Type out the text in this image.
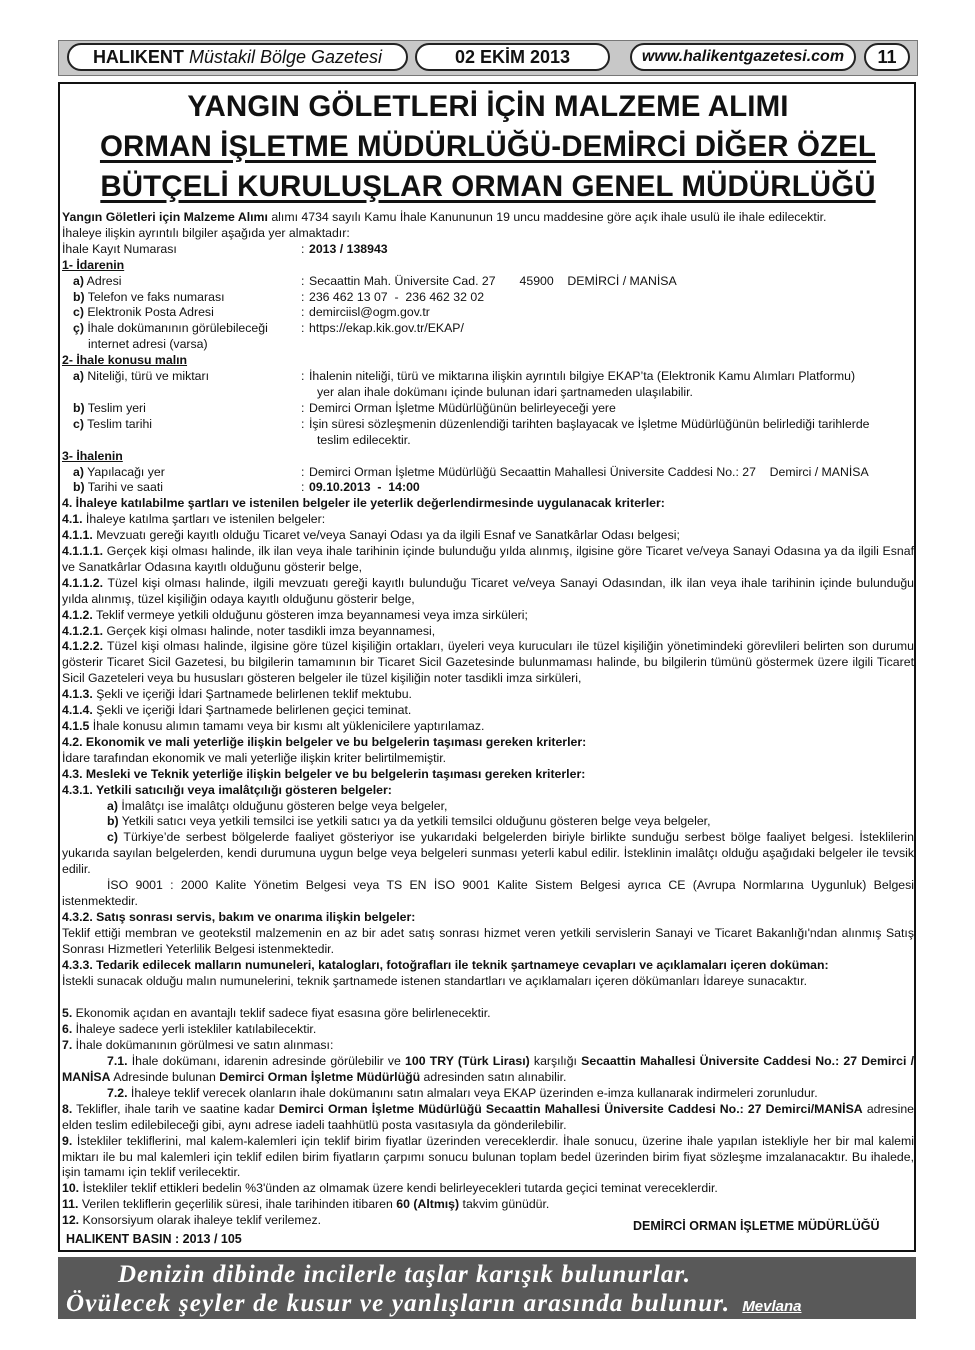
HALIKENT
Müstakil Bölge Gazetesi	02 EKİM 2013	www.halikentgazetesi.com 11
YANGIN GÖLETLERİ İÇİN MALZEME ALIMI
ORMAN İŞLETME MÜDÜRLÜĞÜ-DEMİRCİ DİĞER ÖZEL
BÜTÇELİ KURULUŞLAR ORMAN GENEL MÜDÜRLÜĞÜ

Yangın Göletleri için Malzeme Alımı alımı 4734 sayılı Kamu İhale Kanununun 19 uncu maddesine göre açık ihale usulü ile ihale edilecektir.

İhaleye ilişkin ayrıntılı bilgiler aşağıda yer almaktadır:

İhale Kayıt Numarası	: 2013 / 138943

1- İdarenin

a) Adresi	: Secaattin Mah. Üniversite Cad. 27       45900    DEMİRCİ / MANİSA
b) Telefon ve faks numarası	: 236 462 13 07  -  236 462 32 02
c) Elektronik Posta Adresi	: demirciisl@ogm.gov.tr
ç) İhale dokümanının görülebileceği
internet adresi (varsa)
: https://ekap.kik.gov.tr/EKAP/

2- İhale konusu malın

a) Niteliği, türü ve miktarı	: İhalenin niteliği, türü ve miktarına ilişkin ayrıntılı bilgiye EKAP’ta (Elektronik Kamu Alımları Platformu)
yer alan ihale dokümanı içinde bulunan idari şartnameden ulaşılabilir.
b) Teslim yeri	: Demirci Orman İşletme Müdürlüğünün belirleyeceği yere
c) Teslim tarihi	: İşin süresi sözleşmenin düzenlendiği tarihten başlayacak ve İşletme Müdürlüğünün belirlediği tarihlerde
teslim edilecektir.

3- İhalenin

a) Yapılacağı yer	: Demirci Orman İşletme Müdürlüğü Secaattin Mahallesi Üniversite Caddesi No.: 27    Demirci / MANİSA
b) Tarihi ve saati	: 09.10.2013  -  14:00

4. İhaleye katılabilme şartları ve istenilen belgeler ile yeterlik değerlendirmesinde uygulanacak kriterler:

4.1. İhaleye katılma şartları ve istenilen belgeler:

4.1.1. Mevzuatı gereği kayıtlı olduğu Ticaret ve/veya Sanayi Odası ya da ilgili Esnaf ve Sanatkârlar Odası belgesi;

4.1.1.1. Gerçek kişi olması halinde, ilk ilan veya ihale tarihinin içinde bulunduğu yılda alınmış, ilgisine göre Ticaret ve/veya Sanayi Odasına ya da ilgili Esnaf ve Sanatkârlar Odasına kayıtlı olduğunu gösterir belge,

4.1.1.2. Tüzel kişi olması halinde, ilgili mevzuatı gereği kayıtlı bulunduğu Ticaret ve/veya Sanayi Odasından, ilk ilan veya ihale tarihinin içinde bulunduğu yılda alınmış, tüzel kişiliğin odaya kayıtlı olduğunu gösterir belge,

4.1.2. Teklif vermeye yetkili olduğunu gösteren imza beyannamesi veya imza sirküleri;

4.1.2.1. Gerçek kişi olması halinde, noter tasdikli imza beyannamesi,

4.1.2.2. Tüzel kişi olması halinde, ilgisine göre tüzel kişiliğin ortakları, üyeleri veya kurucuları ile tüzel kişiliğin yönetimindeki görevlileri belirten son durumu gösterir Ticaret Sicil Gazetesi, bu bilgilerin tamamının bir Ticaret Sicil Gazetesinde bulunmaması halinde, bu bilgilerin tümünü göstermek üzere ilgili Ticaret Sicil Gazeteleri veya bu hususları gösteren belgeler ile tüzel kişiliğin noter tasdikli imza sirküleri,

4.1.3. Şekli ve içeriği İdari Şartnamede belirlenen teklif mektubu.

4.1.4. Şekli ve içeriği İdari Şartnamede belirlenen geçici teminat.

4.1.5 İhale konusu alımın tamamı veya bir kısmı alt yüklenicilere yaptırılamaz.

4.2. Ekonomik ve mali yeterliğe ilişkin belgeler ve bu belgelerin taşıması gereken kriterler:

İdare tarafından ekonomik ve mali yeterliğe ilişkin kriter belirtilmemiştir.

4.3. Mesleki ve Teknik yeterliğe ilişkin belgeler ve bu belgelerin taşıması gereken kriterler:

4.3.1. Yetkili satıcılığı veya imalâtçılığı gösteren belgeler:

a) İmalâtçı ise imalâtçı olduğunu gösteren belge veya belgeler,

b) Yetkili satıcı veya yetkili temsilci ise yetkili satıcı ya da yetkili temsilci olduğunu gösteren belge veya belgeler,

c) Türkiye’de serbest bölgelerde faaliyet gösteriyor ise yukarıdaki belgelerden biriyle birlikte sunduğu serbest bölge faaliyet belgesi. İsteklilerin yukarıda sayılan belgelerden, kendi durumuna uygun belge veya belgeleri sunması yeterli kabul edilir. İsteklinin imalâtçı olduğu aşağıdaki belgeler ile tevsik edilir.

İSO 9001 : 2000 Kalite Yönetim Belgesi veya TS EN İSO 9001 Kalite Sistem Belgesi ayrıca CE (Avrupa Normlarına Uygunluk) Belgesi istenmektedir.

4.3.2. Satış sonrası servis, bakım ve onarıma ilişkin belgeler:

Teklif ettiği membran ve geotekstil malzemenin en az bir adet satış sonrası hizmet veren yetkili servislerin Sanayi ve Ticaret Bakanlığı'ndan alınmış Satış Sonrası Hizmetleri Yeterlilik Belgesi istenmektedir.

4.3.3. Tedarik edilecek malların numuneleri, katalogları, fotoğrafları ile teknik şartnameye cevapları ve açıklamaları içeren doküman:

İstekli sunacak olduğu malın numunelerini, teknik şartnamede istenen standartları ve açıklamaları içeren dökümanları İdareye sunacaktır.

5. Ekonomik açıdan en avantajlı teklif sadece fiyat esasına göre belirlenecektir.

6. İhaleye sadece yerli istekliler katılabilecektir.

7. İhale dokümanının görülmesi ve satın alınması:

7.1. İhale dokümanı, idarenin adresinde görülebilir ve 100 TRY (Türk Lirası) karşılığı Secaattin Mahallesi Üniversite Caddesi No.: 27 Demirci / MANİSA Adresinde bulunan Demirci Orman İşletme Müdürlüğü adresinden satın alınabilir.

7.2. İhaleye teklif verecek olanların ihale dokümanını satın almaları veya EKAP üzerinden e-imza kullanarak indirmeleri zorunludur.

8. Teklifler, ihale tarih ve saatine kadar Demirci Orman İşletme Müdürlüğü Secaattin Mahallesi Üniversite Caddesi No.: 27 Demirci/MANİSA adresine elden teslim edilebileceği gibi, aynı adrese iadeli taahhütlü posta vasıtasıyla da gönderilebilir.

9. İstekliler tekliflerini, mal kalem-kalemleri için teklif birim fiyatlar üzerinden vereceklerdir. İhale sonucu, üzerine ihale yapılan istekliyle her bir mal kalemi miktarı ile bu mal kalemleri için teklif edilen birim fiyatların çarpımı sonucu bulunan toplam bedel üzerinden birim fiyat sözleşme imzalanacaktır. Bu ihalede, işin tamamı için teklif verilecektir.

10. İstekliler teklif ettikleri bedelin %3'ünden az olmamak üzere kendi belirleyecekleri tutarda geçici teminat vereceklerdir.

11. Verilen tekliflerin geçerlilik süresi, ihale tarihinden itibaren 60 (Altmış) takvim günüdür.

12. Konsorsiyum olarak ihaleye teklif verilemez.	DEMİRCİ ORMAN İŞLETME MÜDÜRLÜĞÜ
HALIKENT BASIN : 2013 / 105
Denizin dibinde incilerle taşlar karışık bulunurlar.
Övülecek şeyler de kusur ve yanlışların arasında bulunur. Mevlana
